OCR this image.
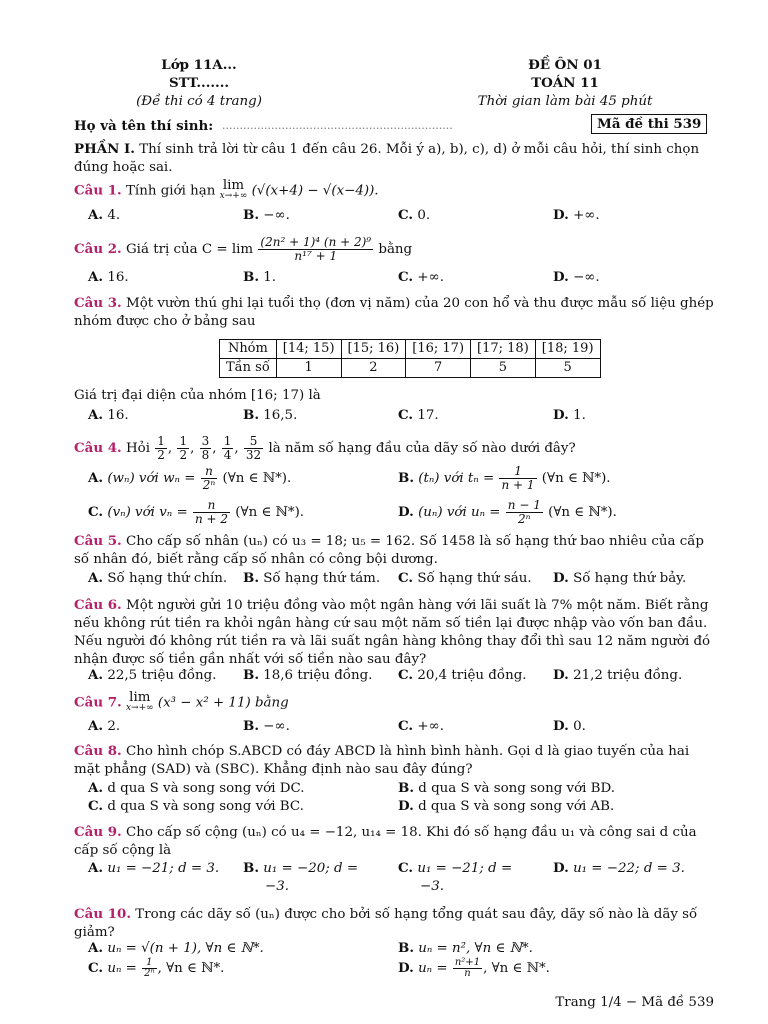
Lớp 11A...
STT.......
(Đề thi có 4 trang)
ĐỀ ÔN 01
TOÁN 11
Thời gian làm bài 45 phút
Họ và tên thí sinh: ..................................................................	Mã đề thi 539
PHẦN I. Thí sinh trả lời từ câu 1 đến câu 26. Mỗi ý a), b), c), d) ở mỗi câu hỏi, thí sinh chọn đúng hoặc sai.
Câu 1. Tính giới hạn lim
x→+∞ (√(x+4) − √(x−4)).
A. 4.	B. −∞.	C. 0.	D. +∞.
Câu 2. Giá trị của $C = \lim \frac{\text{(2n² + 1)⁴ (n + 2)⁹}}{\text{n¹⁷ + 1}}$ bằng
A. 16.	B. 1.	C. +∞.	D. −∞.
Câu 3. Một vườn thú ghi lại tuổi thọ (đơn vị năm) của 20 con hổ và thu được mẫu số liệu ghép nhóm được cho ở bảng sau
Nhóm	[14; 15)	[15; 16)	[16; 17)	[17; 18)	[18; 19)
Tần số	1	2	7	5	5
Giá trị đại diện của nhóm [16; 17) là
A. 16.	B. 16,5.	C. 17.	D. 1.
Câu 4. Hỏi $\frac{1}{2}$ , $\frac{1}{2}$ , $\frac{3}{8}$ , $\frac{1}{4}$ , $\frac{5}{32}$ là năm số hạng đầu của dãy số nào dưới đây?
A. (wₙ) với $w_n = \frac{n}{\text{2ⁿ}}$ (∀n ∈ ℕ*).	B. (tₙ) với $t_n = \frac{1}{n + 1}$ (∀n ∈ ℕ*).
C. (vₙ) với $v_n = \frac{n}{n + 2}$ (∀n ∈ ℕ*).	D. (uₙ) với $u_n = \frac{n - 1}{\text{2ⁿ}}$ (∀n ∈ ℕ*).
Câu 5. Cho cấp số nhân (uₙ) có u₃ = 18; u₅ = 162. Số 1458 là số hạng thứ bao nhiêu của cấp số nhân đó, biết rằng cấp số nhân có công bội dương.
A. Số hạng thứ chín.	B. Số hạng thứ tám.	C. Số hạng thứ sáu.	D. Số hạng thứ bảy.
Câu 6. Một người gửi 10 triệu đồng vào một ngân hàng với lãi suất là 7% một năm. Biết rằng nếu không rút tiền ra khỏi ngân hàng cứ sau một năm số tiền lại được nhập vào vốn ban đầu. Nếu người đó không rút tiền ra và lãi suất ngân hàng không thay đổi thì sau 12 năm người đó nhận được số tiền gần nhất với số tiền nào sau đây?
A. 22,5 triệu đồng.	B. 18,6 triệu đồng.	C. 20,4 triệu đồng.	D. 21,2 triệu đồng.
Câu 7. lim
x→+∞ (x³ − x² + 11) bằng
A. 2.	B. −∞.	C. +∞.	D. 0.
Câu 8. Cho hình chóp S.ABCD có đáy ABCD là hình bình hành. Gọi d là giao tuyến của hai mặt phẳng (SAD) và (SBC). Khẳng định nào sau đây đúng?
A. d qua S và song song với DC.	B. d qua S và song song với BD.
C. d qua S và song song với BC.	D. d qua S và song song với AB.
Câu 9. Cho cấp số cộng (uₙ) có u₄ = −12, u₁₄ = 18. Khi đó số hạng đầu u₁ và công sai d của cấp số cộng là
A. u₁ = −21; d = 3.	B. u₁ = −20; d =
−3.
C. u₁ = −21; d =
−3.
D. u₁ = −22; d = 3.
Câu 10. Trong các dãy số (uₙ) được cho bởi số hạng tổng quát sau đây, dãy số nào là dãy số giảm?
A. uₙ = √(n + 1), ∀n ∈ ℕ*.	B. uₙ = n², ∀n ∈ ℕ*.
C. $u_n = \frac{1}{\text{2ⁿ}}$ , ∀n ∈ ℕ*.	D. $u_n = \frac{\text{n²+1}}{n}$ , ∀n ∈ ℕ*.
Trang 1/4 − Mã đề 539
